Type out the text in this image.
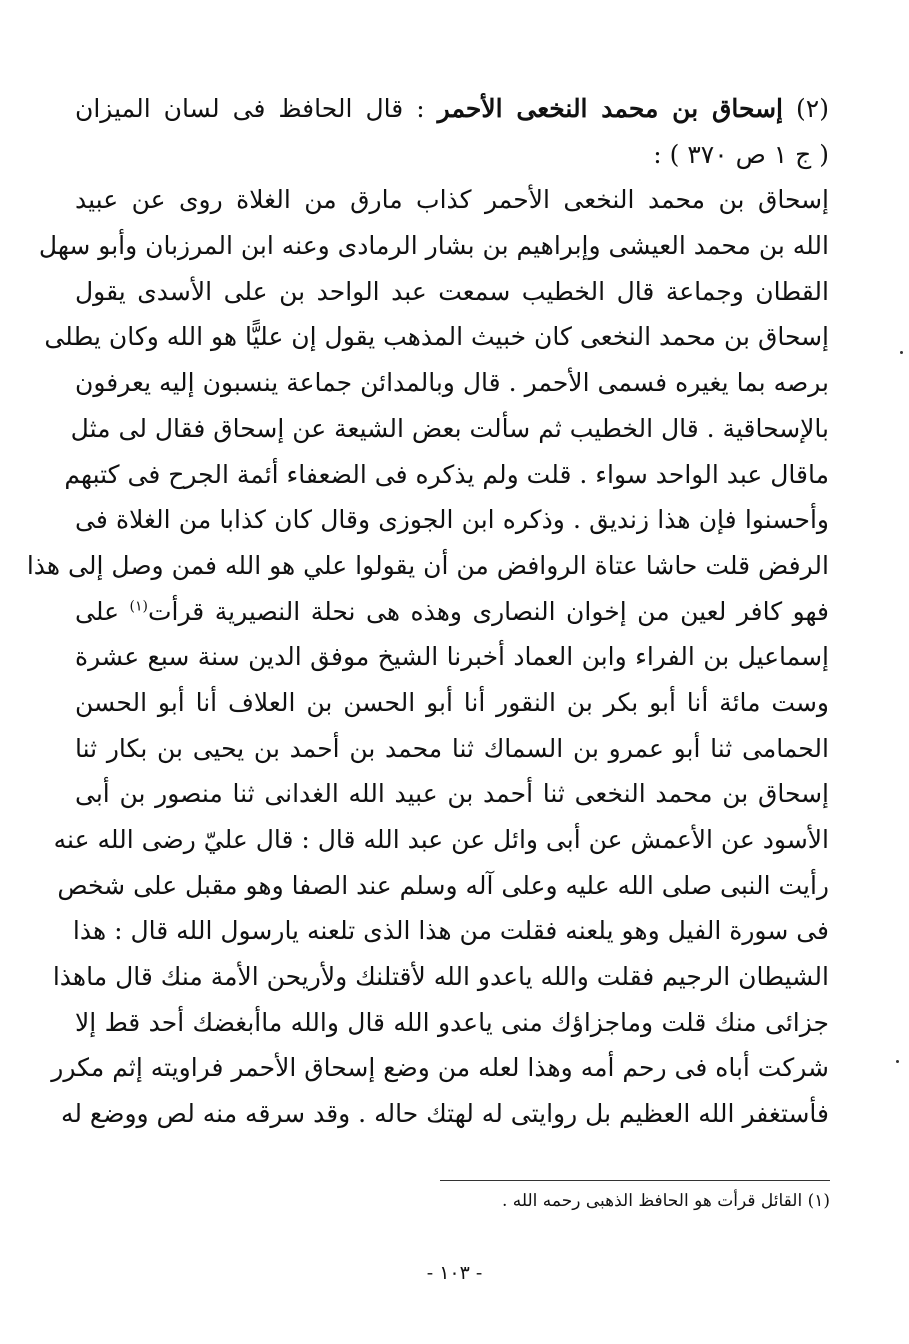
(٢) إسحاق بن محمد النخعى الأحمر : قال الحافظ فى لسان الميزان
( ج ١ ص ٣٧٠ ) :
إسحاق بن محمد النخعى الأحمر كذاب مارق من الغلاة روى عن عبيد
الله بن محمد العيشى وإبراهيم بن بشار الرمادى وعنه ابن المرزبان وأبو سهل
القطان وجماعة قال الخطيب سمعت عبد الواحد بن على الأسدى يقول
إسحاق بن محمد النخعى كان خبيث المذهب يقول إن عليًّا هو الله وكان يطلى
برصه بما يغيره فسمى الأحمر . قال وبالمدائن جماعة ينسبون إليه يعرفون
بالإسحاقية . قال الخطيب ثم سألت بعض الشيعة عن إسحاق فقال لى مثل
ماقال عبد الواحد سواء . قلت ولم يذكره فى الضعفاء أئمة الجرح فى كتبهم
وأحسنوا فإن هذا زنديق . وذكره ابن الجوزى وقال كان كذابا من الغلاة فى
الرفض قلت حاشا عتاة الروافض من أن يقولوا علي هو الله فمن وصل إلى هذا
فهو كافر لعين من إخوان النصارى وهذه هى نحلة النصيرية قرأت$^{(١)}$ على
إسماعيل بن الفراء وابن العماد أخبرنا الشيخ موفق الدين سنة سبع عشرة
وست مائة أنا أبو بكر بن النقور أنا أبو الحسن بن العلاف أنا أبو الحسن
الحمامى ثنا أبو عمرو بن السماك ثنا محمد بن أحمد بن يحيى بن بكار ثنا
إسحاق بن محمد النخعى ثنا أحمد بن عبيد الله الغدانى ثنا منصور بن أبى
الأسود عن الأعمش عن أبى وائل عن عبد الله قال : قال عليّ رضى الله عنه
رأيت النبى صلى الله عليه وعلى آله وسلم عند الصفا وهو مقبل على شخص
فى سورة الفيل وهو يلعنه فقلت من هذا الذى تلعنه يارسول الله قال : هذا
الشيطان الرجيم فقلت والله ياعدو الله لأقتلنك ولأريحن الأمة منك قال ماهذا
جزائى منك قلت وماجزاؤك منى ياعدو الله قال والله ماأبغضك أحد قط إلا
شركت أباه فى رحم أمه وهذا لعله من وضع إسحاق الأحمر فراويته إثم مكرر
فأستغفر الله العظيم بل روايتى له لهتك حاله . وقد سرقه منه لص ووضع له
(١) القائل قرأت هو الحافظ الذهبى رحمه الله .
- ١٠٣ -
